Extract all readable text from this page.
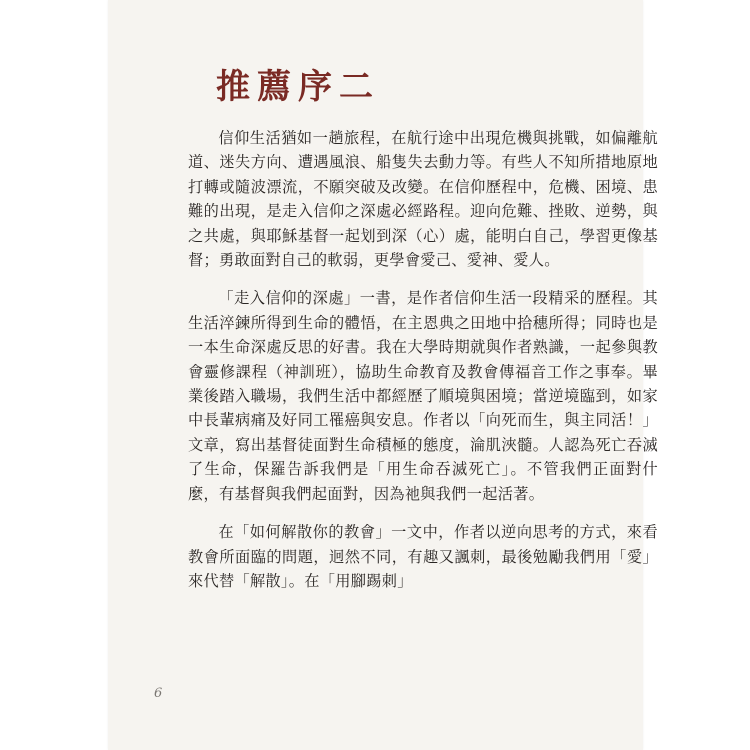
推薦序二

信仰生活猶如一趟旅程，在航行途中出現危機與挑戰，如偏離航道、迷失方向、遭遇風浪、船隻失去動力等。有些人不知所措地原地打轉或隨波漂流，不願突破及改變。在信仰歷程中，危機、困境、患難的出現，是走入信仰之深處必經路程。迎向危難、挫敗、逆勢，與之共處，與耶穌基督一起划到深（心）處，能明白自己，學習更像基督；勇敢面對自己的軟弱，更學會愛己、愛神、愛人。

「走入信仰的深處」一書，是作者信仰生活一段精采的歷程。其生活淬鍊所得到生命的體悟，在主恩典之田地中拾穗所得；同時也是一本生命深處反思的好書。我在大學時期就與作者熟識，一起參與教會靈修課程（神訓班），協助生命教育及教會傳福音工作之事奉。畢業後踏入職場，我們生活中都經歷了順境與困境；當逆境臨到，如家中長輩病痛及好同工罹癌與安息。作者以「向死而生，與主同活！」文章，寫出基督徒面對生命積極的態度，淪肌浹髓。人認為死亡吞滅了生命，保羅告訴我們是「用生命吞滅死亡」。不管我們正面對什麼，有基督與我們起面對，因為祂與我們一起活著。

在「如何解散你的教會」一文中，作者以逆向思考的方式，來看教會所面臨的問題，迥然不同，有趣又諷刺，最後勉勵我們用「愛」來代替「解散」。在「用腳踢刺」

6
